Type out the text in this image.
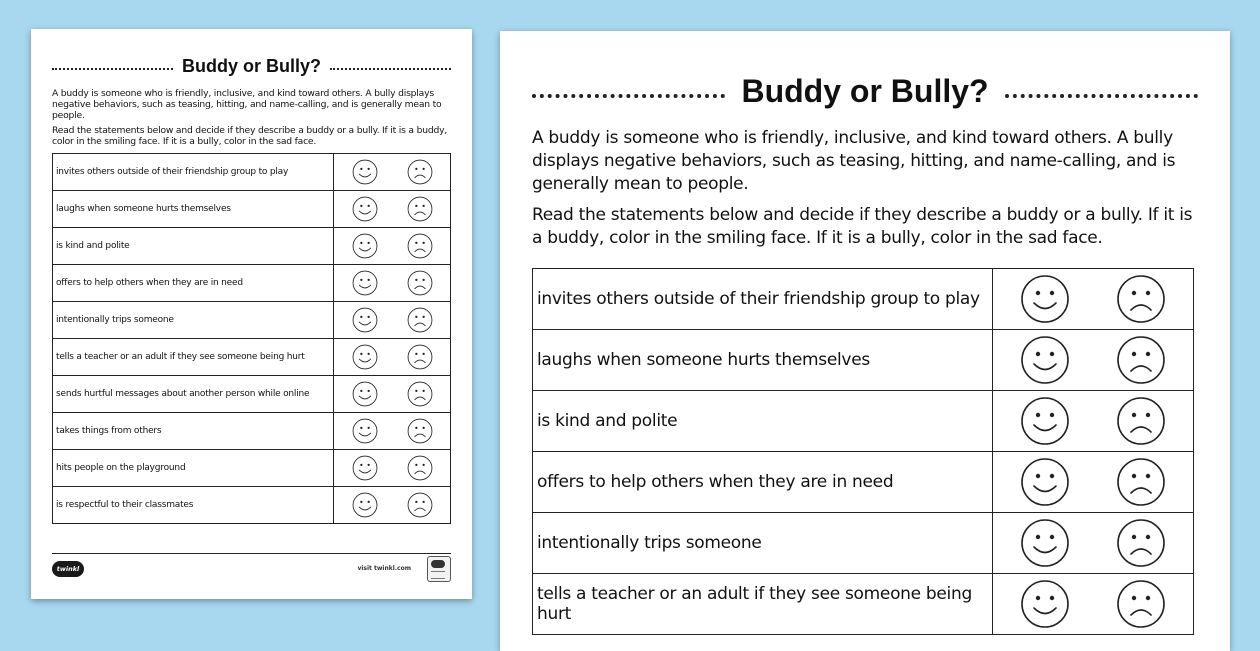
Buddy or Bully?

A buddy is someone who is friendly, inclusive, and kind toward others. A bully displays negative behaviors, such as teasing, hitting, and name-calling, and is generally mean to people.

Read the statements below and decide if they describe a buddy or a bully. If it is a buddy, color in the smiling face. If it is a bully, color in the sad face.

invites others outside of their friendship group to play	

laughs when someone hurts themselves	

is kind and polite	

offers to help others when they are in need	

intentionally trips someone	

tells a teacher or an adult if they see someone being hurt	

sends hurtful messages about another person while online	

takes things from others	

hits people on the playground	

is respectful to their classmates	
twinkl	visit twinkl.com
Buddy or Bully?

A buddy is someone who is friendly, inclusive, and kind toward others. A bully displays negative behaviors, such as teasing, hitting, and name-calling, and is generally mean to people.

Read the statements below and decide if they describe a buddy or a bully. If it is a buddy, color in the smiling face. If it is a bully, color in the sad face.

invites others outside of their friendship group to play	

laughs when someone hurts themselves	

is kind and polite	

offers to help others when they are in need	

intentionally trips someone	

tells a teacher or an adult if they see someone being hurt	
